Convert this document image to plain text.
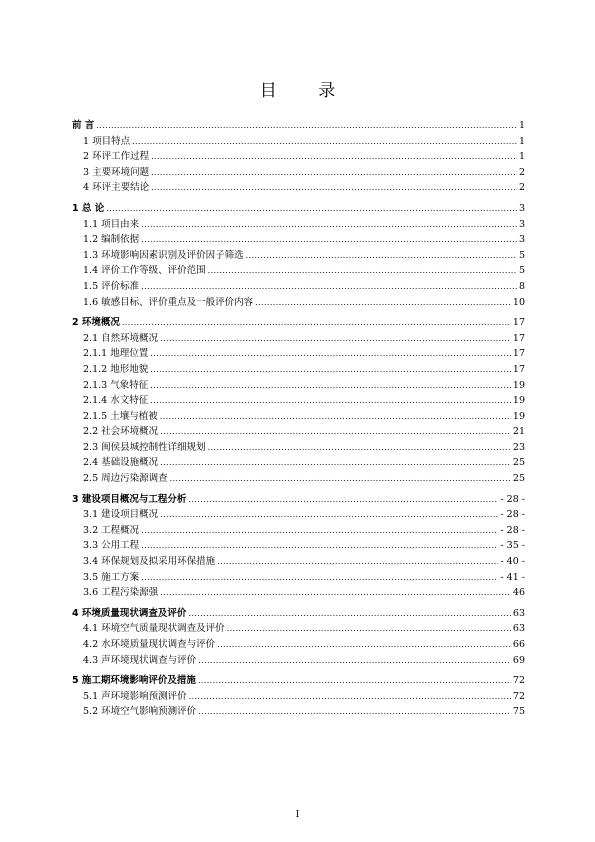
目 录
前 言 .....	1
1 项目特点 .....	1
2 环评工作过程 .....	1
3 主要环境问题 .....	2
4 环评主要结论 .....	2
1 总 论 .....	3
1.1 项目由来 .....	3
1.2 编制依据 .....	3
1.3 环境影响因素识别及评价因子筛选 .....	5
1.4 评价工作等级、评价范围 .....	5
1.5 评价标准 .....	8
1.6 敏感目标、评价重点及一般评价内容 .....	10
2 环境概况 .....	17
2.1 自然环境概况 .....	17
2.1.1 地理位置 .....	17
2.1.2 地形地貌 .....	17
2.1.3 气象特征 .....	19
2.1.4 水文特征 .....	19
2.1.5 土壤与植被 .....	19
2.2 社会环境概况 .....	21
2.3 闽侯县城控制性详细规划 .....	23
2.4 基础设施概况 .....	25
2.5 周边污染源调查 .....	25
3 建设项目概况与工程分析 .....	- 28 -
3.1 建设项目概况 .....	- 28 -
3.2 工程概况 .....	- 28 -
3.3 公用工程 .....	- 35 -
3.4 环保规划及拟采用环保措施 .....	- 40 -
3.5 施工方案 .....	- 41 -
3.6 工程污染源强 .....	46
4 环境质量现状调查及评价 .....	63
4.1 环境空气质量现状调查及评价 .....	63
4.2 水环境质量现状调查与评价 .....	66
4.3 声环境现状调查与评价 .....	69
5 施工期环境影响评价及措施 .....	72
5.1 声环境影响预测评价 .....	72
5.2 环境空气影响预测评价 .....	75
I
